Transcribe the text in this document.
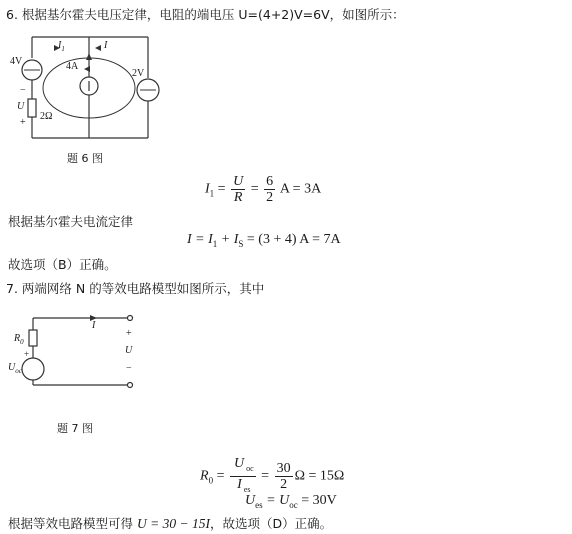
6. 根据基尔霍夫电压定律，电阻的端电压 U=(4+2)V=6V，如图所示：
4V
2V
4A
$I_1$	I
U
2Ω
−
+
题 6 图
$I_1 = \frac{U}{R} = \frac{6}{2}$ A = 3A
根据基尔霍夫电流定律
$I = I_1 + I_S = (3 + 4) A = 7A$
故选项（B）正确。
7. 两端网络 N 的等效电路模型如图所示，其中
$R_0$
$U_{oc}$
+
I
+
U
−
题 7 图
$R_0 = \frac{U _{oc}}{I _{es}} = \frac{30}{2}$ Ω = 15Ω
$U_{es} = U_{oc} = 30V$
根据等效电路模型可得 U = 30 − 15I，故选项（D）正确。
